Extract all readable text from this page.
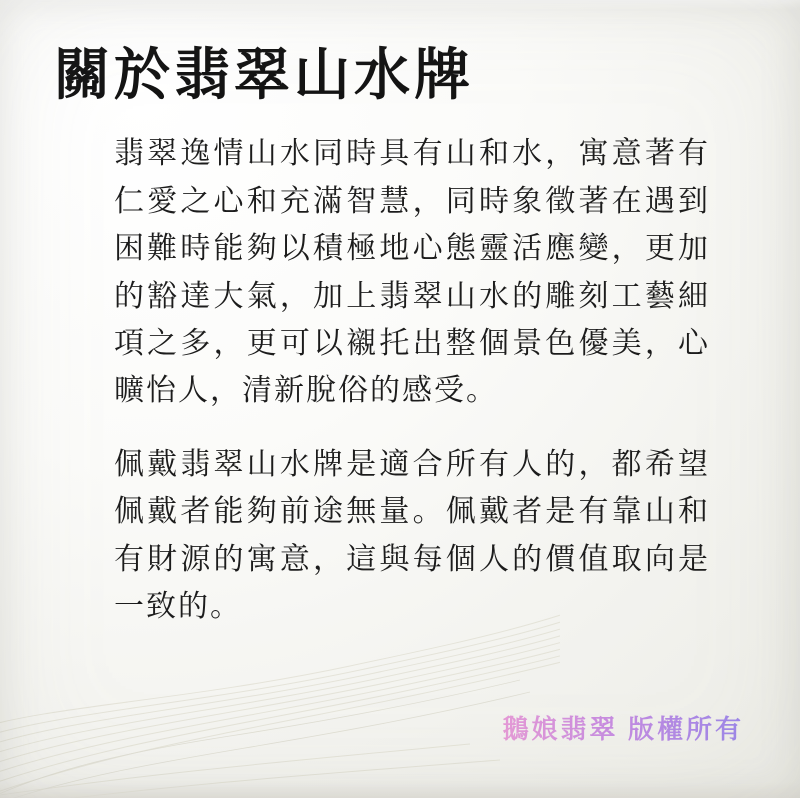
關於翡翠山水牌

翡翠逸情山水同時具有山和水，寓意著有仁愛之心和充滿智慧，同時象徵著在遇到困難時能夠以積極地心態靈活應變，更加的豁達大氣，加上翡翠山水的雕刻工藝細項之多，更可以襯托出整個景色優美，心曠怡人，清新脫俗的感受。

佩戴翡翠山水牌是適合所有人的，都希望佩戴者能夠前途無量。佩戴者是有靠山和有財源的寓意，這與每個人的價值取向是一致的。

鵝娘翡翠 版權所有
